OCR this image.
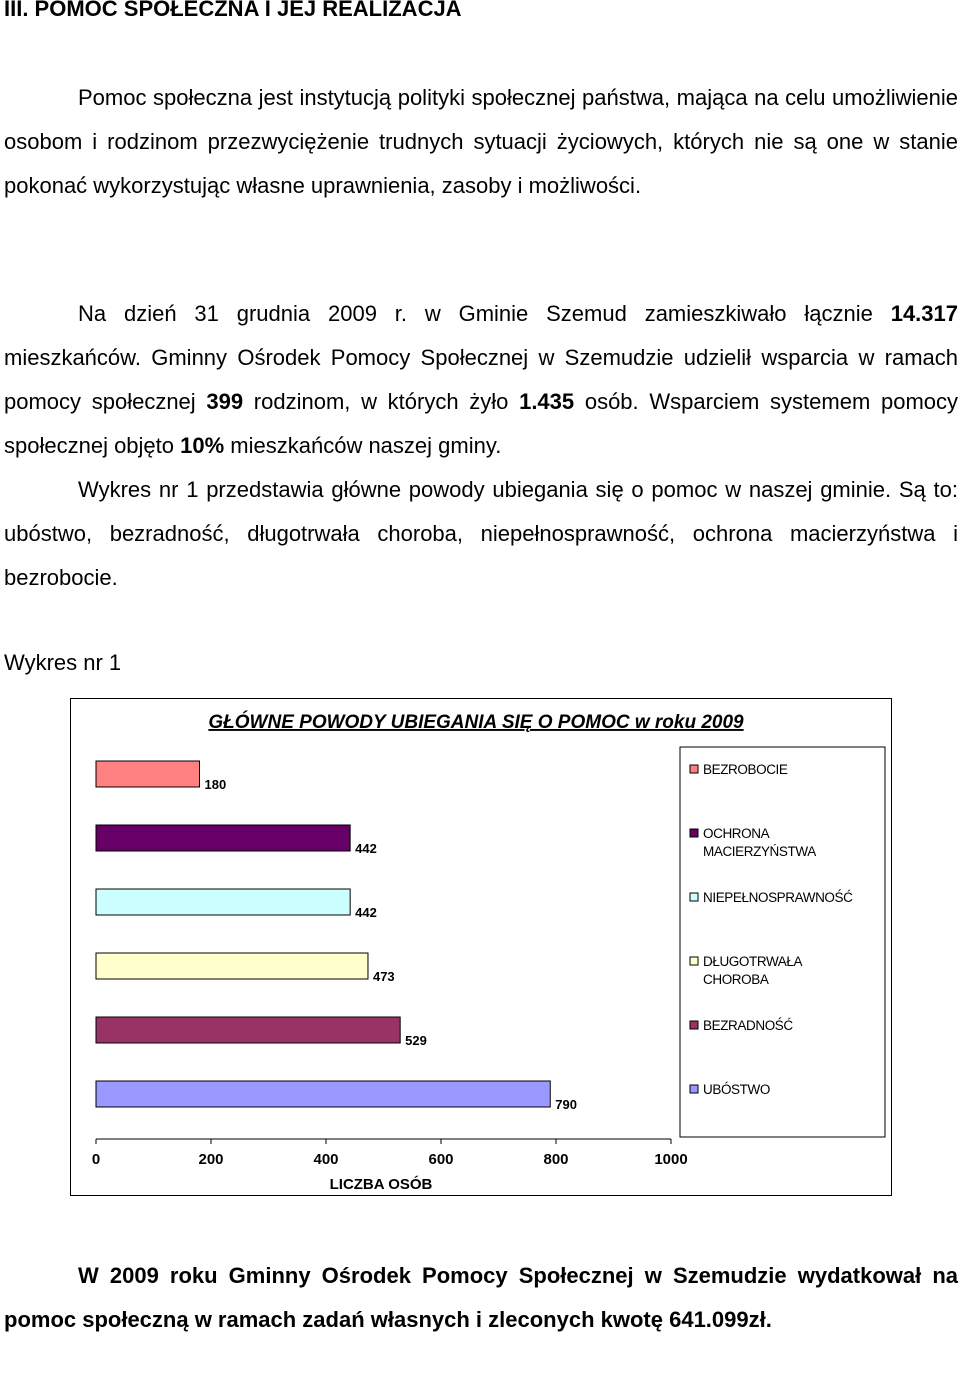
III. POMOC SPOŁECZNA I JEJ REALIZACJA

Pomoc społeczna jest instytucją polityki społecznej państwa, mająca na celu umożliwienie osobom i rodzinom przezwyciężenie trudnych sytuacji życiowych, których nie są one w stanie pokonać wykorzystując własne uprawnienia, zasoby i możliwości.

Na dzień 31 grudnia 2009 r. w Gminie Szemud zamieszkiwało łącznie 14.317 mieszkańców. Gminny Ośrodek Pomocy Społecznej w Szemudzie udzielił wsparcia w ramach pomocy społecznej 399 rodzinom, w których żyło 1.435 osób. Wsparciem systemem pomocy społecznej objęto 10% mieszkańców naszej gminy.

Wykres nr 1 przedstawia główne powody ubiegania się o pomoc w naszej gminie. Są to: ubóstwo, bezradność, długotrwała choroba, niepełnosprawność, ochrona macierzyństwa i bezrobocie.

Wykres nr 1
GŁÓWNE POWODY UBIEGANIA SIĘ O POMOC w roku 2009
180
442
442
473
529
790
0	200	400	600	800	1000
LICZBA OSÓB
BEZROBOCIE
OCHRONA
MACIERZYŃSTWA
NIEPEŁNOSPRAWNOŚĆ
DŁUGOTRWAŁA
CHOROBA
BEZRADNOŚĆ
UBÓSTWO

W 2009 roku Gminny Ośrodek Pomocy Społecznej w Szemudzie wydatkował na pomoc społeczną w ramach zadań własnych i zleconych kwotę 641.099zł.
